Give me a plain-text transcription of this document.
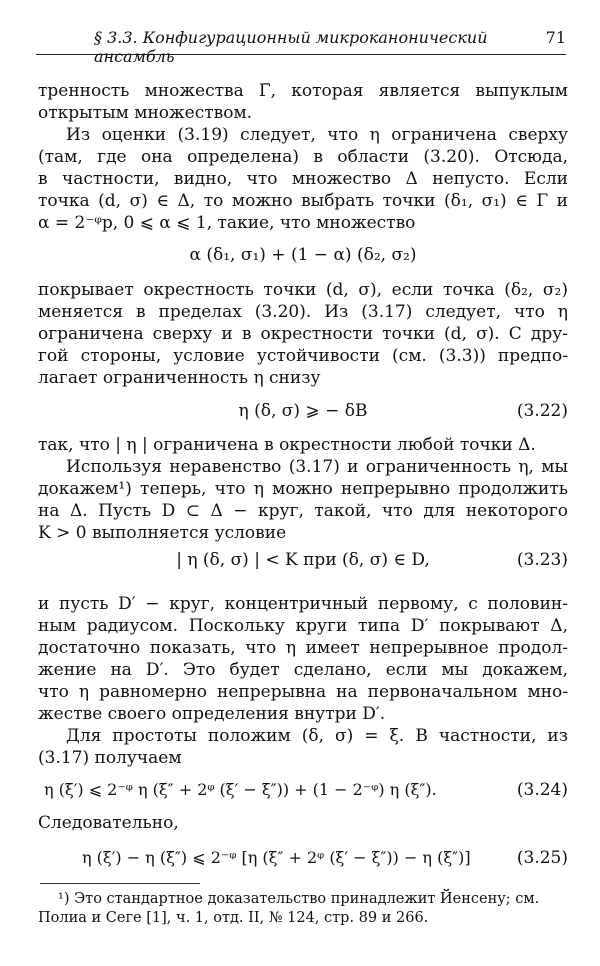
§ 3.3. Конфигурационный микроканонический ансамбль
71
тренность множества Γ̄, которая является выпуклым
открытым множеством.
Из оценки (3.19) следует, что η ограничена сверху
(там, где она определена) в области (3.20). Отсюда,
в частности, видно, что множество Δ непусто. Если
точка (d, σ) ∈ Δ, то можно выбрать точки (δ₁, σ₁) ∈ Γ и
α = 2⁻ᵠp, 0 ⩽ α ⩽ 1, такие, что множество
α (δ₁, σ₁) + (1 − α) (δ₂, σ₂)
покрывает окрестность точки (d, σ), если точка (δ₂, σ₂)
меняется в пределах (3.20). Из (3.17) следует, что η
ограничена сверху и в окрестности точки (d, σ). С дру-
гой стороны, условие устойчивости (см. (3.3)) предпо-
лагает ограниченность η снизу
η (δ, σ) ⩾ − δB	(3.22)
так, что | η | ограничена в окрестности любой точки Δ.
Используя неравенство (3.17) и ограниченность η, мы
докажем¹) теперь, что η можно непрерывно продолжить
на Δ. Пусть D ⊂ Δ − круг, такой, что для некоторого
K > 0 выполняется условие
| η (δ, σ) | < K при (δ, σ) ∈ D,	(3.23)
и пусть D′ − круг, концентричный первому, с половин-
ным радиусом. Поскольку круги типа D′ покрывают Δ,
достаточно показать, что η имеет непрерывное продол-
жение на D′. Это будет сделано, если мы докажем,
что η равномерно непрерывна на первоначальном мно-
жестве своего определения внутри D′.
Для простоты положим (δ, σ) = ξ. В частности, из
(3.17) получаем
η (ξ′) ⩽ 2⁻ᵠ η (ξ″ + 2ᵠ (ξ′ − ξ″)) + (1 − 2⁻ᵠ) η (ξ″).	(3.24)
Следовательно,
η (ξ′) − η (ξ″) ⩽ 2⁻ᵠ [η (ξ″ + 2ᵠ (ξ′ − ξ″)) − η (ξ″)]	(3.25)
¹) Это стандартное доказательство принадлежит Йенсену; см.
Полиа и Сеге [1], ч. 1, отд. II, № 124, стр. 89 и 266.
